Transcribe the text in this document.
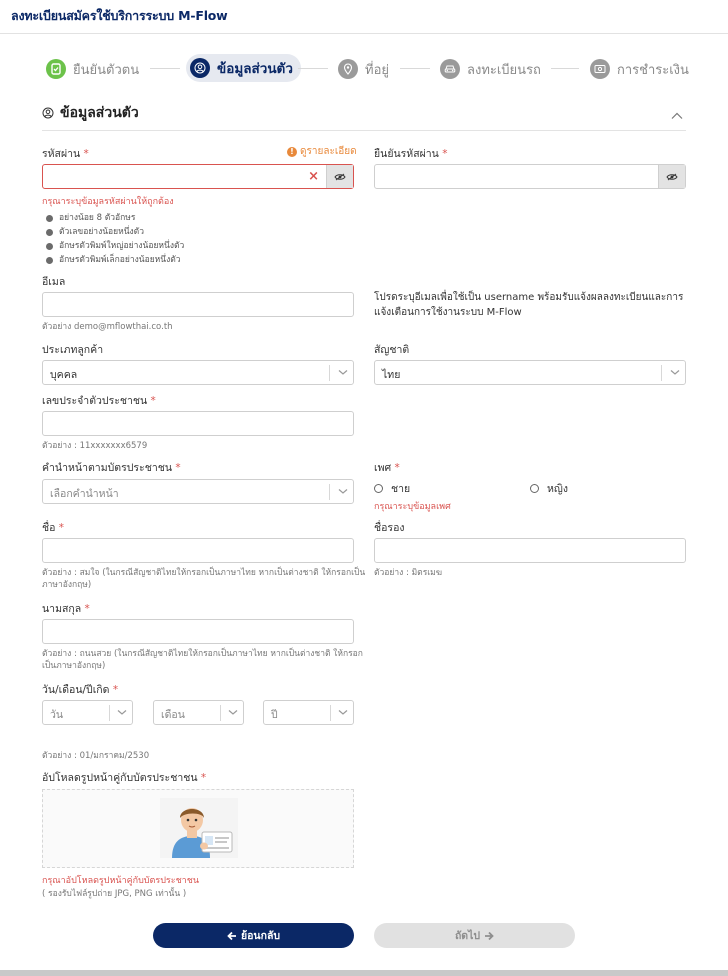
ลงทะเบียนสมัครใช้บริการระบบ M-Flow
ยืนยันตัวตน	ข้อมูลส่วนตัว	ที่อยู่	ลงทะเบียนรถ	การชำระเงิน
ข้อมูลส่วนตัว
รหัสผ่าน *	! ดูรายละเอียด
×
กรุณาระบุข้อมูลรหัสผ่านให้ถูกต้อง
อย่างน้อย 8 ตัวอักษร
ตัวเลขอย่างน้อยหนึ่งตัว
อักษรตัวพิมพ์ใหญ่อย่างน้อยหนึ่งตัว
อักษรตัวพิมพ์เล็กอย่างน้อยหนึ่งตัว
ยืนยันรหัสผ่าน *
อีเมล
ตัวอย่าง demo@mflowthai.co.th
โปรดระบุอีเมลเพื่อใช้เป็น username พร้อมรับแจ้งผลลงทะเบียนและการ
แจ้งเตือนการใช้งานระบบ M-Flow
ประเภทลูกค้า
บุคคล
สัญชาติ
ไทย
เลขประจำตัวประชาชน *
ตัวอย่าง : 11xxxxxxx6579
คำนำหน้าตามบัตรประชาชน *
เลือกคำนำหน้า
เพศ *
ชาย	หญิง
กรุณาระบุข้อมูลเพศ
ชื่อ *
ตัวอย่าง : สมใจ (ในกรณีสัญชาติไทยให้กรอกเป็นภาษาไทย หากเป็นต่างชาติ ให้กรอกเป็น
ภาษาอังกฤษ)
ชื่อรอง
ตัวอย่าง : มิตรเมฆ
นามสกุล *
ตัวอย่าง : ถนนสวย (ในกรณีสัญชาติไทยให้กรอกเป็นภาษาไทย หากเป็นต่างชาติ ให้กรอก
เป็นภาษาอังกฤษ)
วัน/เดือน/ปีเกิด *
วัน	เดือน	ปี
ตัวอย่าง : 01/มกราคม/2530
อัปโหลดรูปหน้าคู่กับบัตรประชาชน *
กรุณาอัปโหลดรูปหน้าคู่กับบัตรประชาชน
( รองรับไฟล์รูปถ่าย JPG, PNG เท่านั้น )
ย้อนกลับ	ถัดไป
